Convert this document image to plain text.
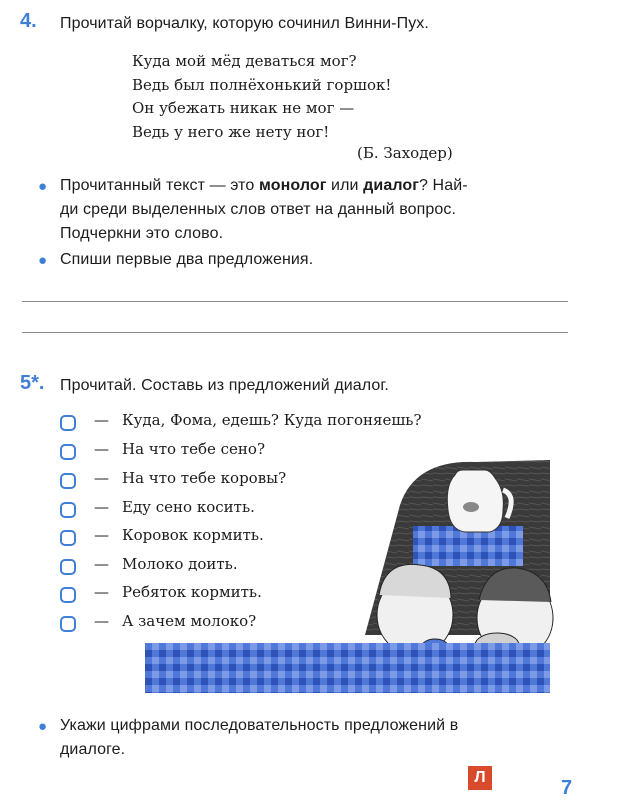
4. Прочитай ворчалку, которую сочинил Винни-Пух.
Куда мой мёд деваться мог?
Ведь был полнёхонький горшок!
Он убежать никак не мог —
Ведь у него же нету ног!
(Б. Заходер)
● Прочитанный текст — это монолог или диалог? Най-
ди среди выделенных слов ответ на данный вопрос.
Подчеркни это слово.
● Спиши первые два предложения.
5*. Прочитай. Составь из предложений диалог.
— Куда, Фома, едешь? Куда погоняешь?
— На что тебе сено?
— На что тебе коровы?
— Еду сено косить.
— Коровок кормить.
— Молоко доить.
— Ребяток кормить.
— А зачем молоко?
● Укажи цифрами последовательность предложений в
диалоге.
Л	7
